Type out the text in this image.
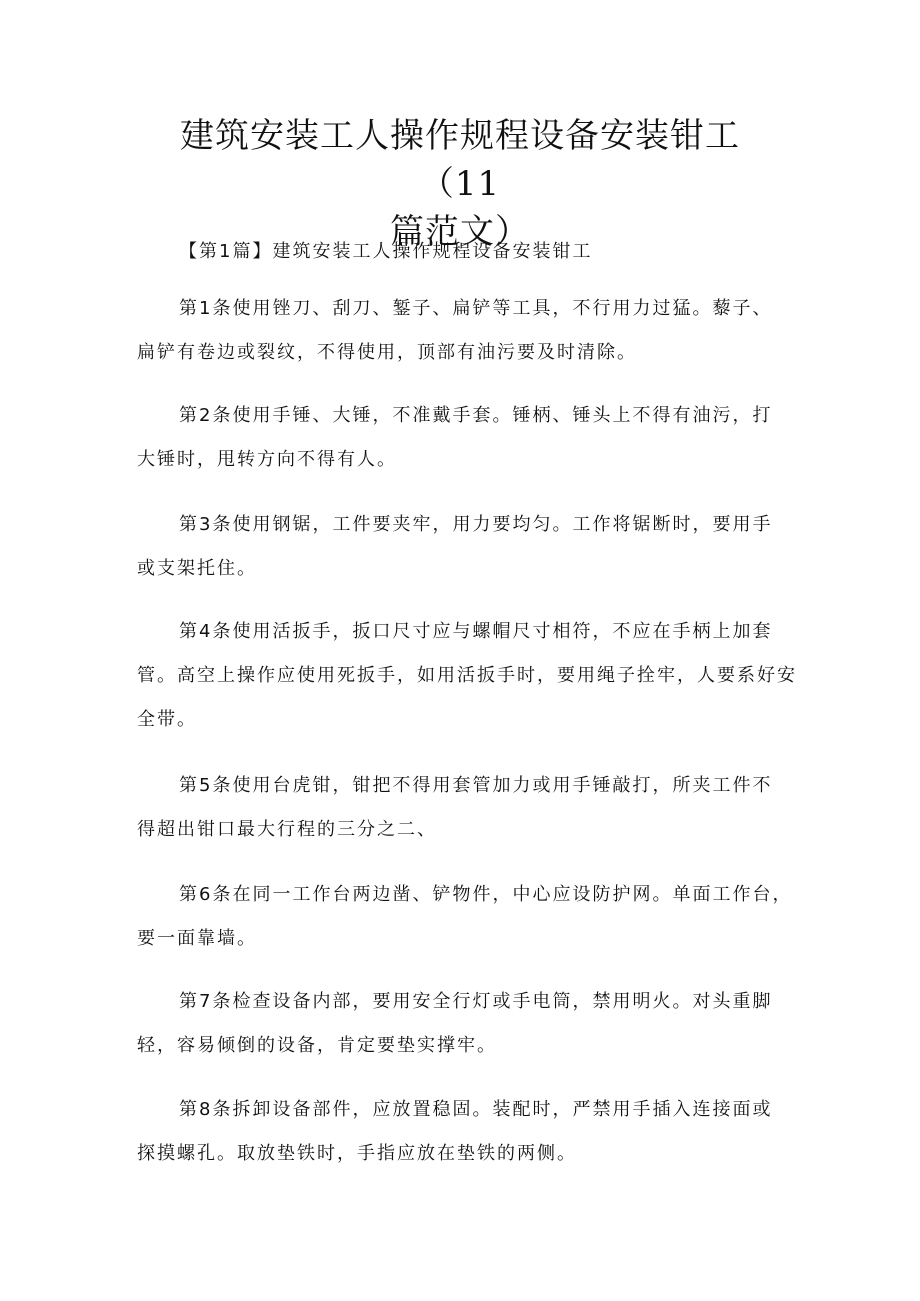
建筑安装工人操作规程设备安装钳工（11
篇范文）

【第1篇】建筑安装工人操作规程设备安装钳工

第1条使用锉刀、刮刀、錾子、扁铲等工具，不行用力过猛。藜子、
扁铲有卷边或裂纹，不得使用，顶部有油污要及时清除。

第2条使用手锤、大锤，不准戴手套。锤柄、锤头上不得有油污，打
大锤时，甩转方向不得有人。

第3条使用钢锯，工件要夹牢，用力要均匀。工作将锯断时，要用手
或支架托住。

第4条使用活扳手，扳口尺寸应与螺帽尺寸相符，不应在手柄上加套
管。高空上操作应使用死扳手，如用活扳手时，要用绳子拴牢，人要系好安
全带。

第5条使用台虎钳，钳把不得用套管加力或用手锤敲打，所夹工件不
得超出钳口最大行程的三分之二、

第6条在同一工作台两边凿、铲物件，中心应设防护网。单面工作台，
要一面靠墙。

第7条检查设备内部，要用安全行灯或手电筒，禁用明火。对头重脚
轻，容易倾倒的设备，肯定要垫实撑牢。

第8条拆卸设备部件，应放置稳固。装配时，严禁用手插入连接面或
探摸螺孔。取放垫铁时，手指应放在垫铁的两侧。
